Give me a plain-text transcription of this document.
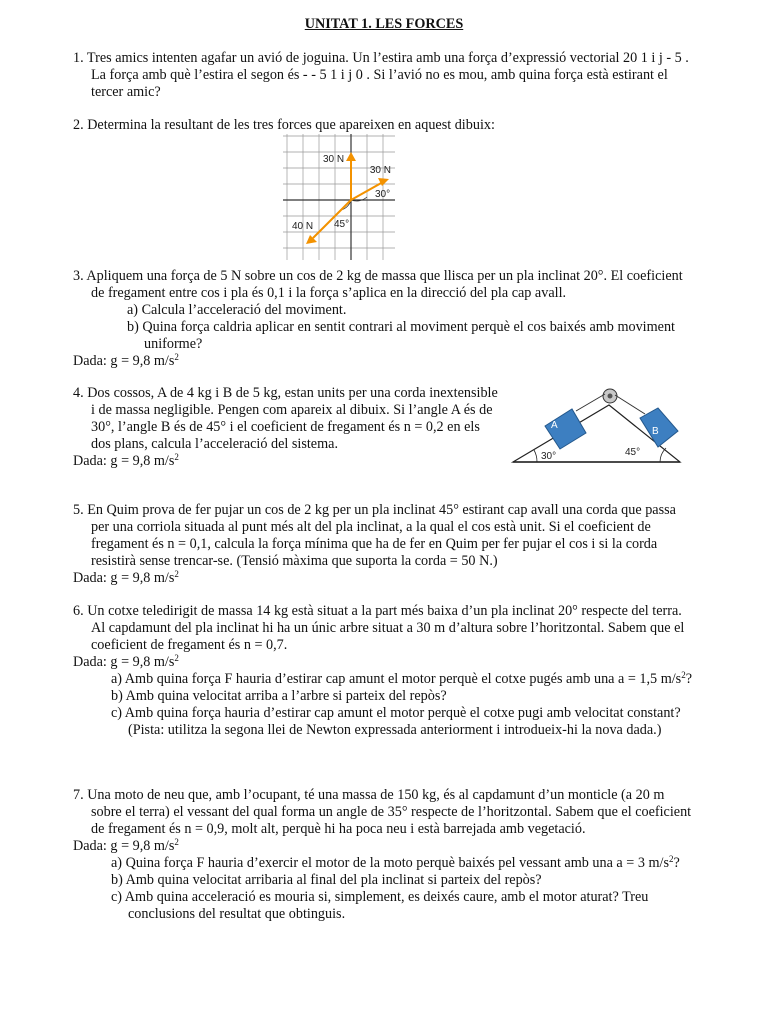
UNITAT 1. LES FORCES

1. Tres amics intenten agafar un avió de joguina. Un l’estira amb una força d’expressió vectorial 20 1 i j - 5 . La força amb què l’estira el segon és - - 5 1 i j 0 . Si l’avió no es mou, amb quina força està estirant el tercer amic?

2. Determina la resultant de les tres forces que apareixen en aquest dibuix:

30 N
30 N
40 N
30°
45°

3. Apliquem una força de 5 N sobre un cos de 2 kg de massa que llisca per un pla inclinat 20°. El coeficient de fregament entre cos i pla és 0,1 i la força s’aplica en la direcció del pla cap avall.

a) Calcula l’acceleració del moviment.

b) Quina força caldria aplicar en sentit contrari al moviment perquè el cos baixés amb moviment uniforme?

Dada: g = 9,8 $m/s^2$

4. Dos cossos, A de 4 kg i B de 5 kg, estan units per una corda inextensible i de massa negligible. Pengen com apareix al dibuix. Si l’angle A és de 30°, l’angle B és de 45° i el coeficient de fregament és n = 0,2 en els dos plans, calcula l’acceleració del sistema.

Dada: g = 9,8 $m/s^2$

A
B
30°	45°

5. En Quim prova de fer pujar un cos de 2 kg per un pla inclinat 45° estirant cap avall una corda que passa per una corriola situada al punt més alt del pla inclinat, a la qual el cos està unit. Si el coeficient de fregament és n = 0,1, calcula la força mínima que ha de fer en Quim per fer pujar el cos i si la corda resistirà sense trencar-se. (Tensió màxima que suporta la corda = 50 N.)

Dada: g = 9,8 $m/s^2$

6. Un cotxe teledirigit de massa 14 kg està situat a la part més baixa d’un pla inclinat 20° respecte del terra. Al capdamunt del pla inclinat hi ha un únic arbre situat a 30 m d’altura sobre l’horitzontal. Sabem que el coeficient de fregament és n = 0,7.

Dada: g = 9,8 $m/s^2$

a) Amb quina força F hauria d’estirar cap amunt el motor perquè el cotxe pugés amb una a = 1,5 $m/s^2$?

b) Amb quina velocitat arriba a l’arbre si parteix del repòs?

c) Amb quina força hauria d’estirar cap amunt el motor perquè el cotxe pugi amb velocitat constant? (Pista: utilitza la segona llei de Newton expressada anteriorment i introdueix-hi la nova dada.)

7. Una moto de neu que, amb l’ocupant, té una massa de 150 kg, és al capdamunt d’un monticle (a 20 m sobre el terra) el vessant del qual forma un angle de 35° respecte de l’horitzontal. Sabem que el coeficient de fregament és n = 0,9, molt alt, perquè hi ha poca neu i està barrejada amb vegetació.

Dada: g = 9,8 $m/s^2$

a) Quina força F hauria d’exercir el motor de la moto perquè baixés pel vessant amb una a = 3 $m/s^2$?

b) Amb quina velocitat arribaria al final del pla inclinat si parteix del repòs?

c) Amb quina acceleració es mouria si, simplement, es deixés caure, amb el motor aturat? Treu conclusions del resultat que obtinguis.
